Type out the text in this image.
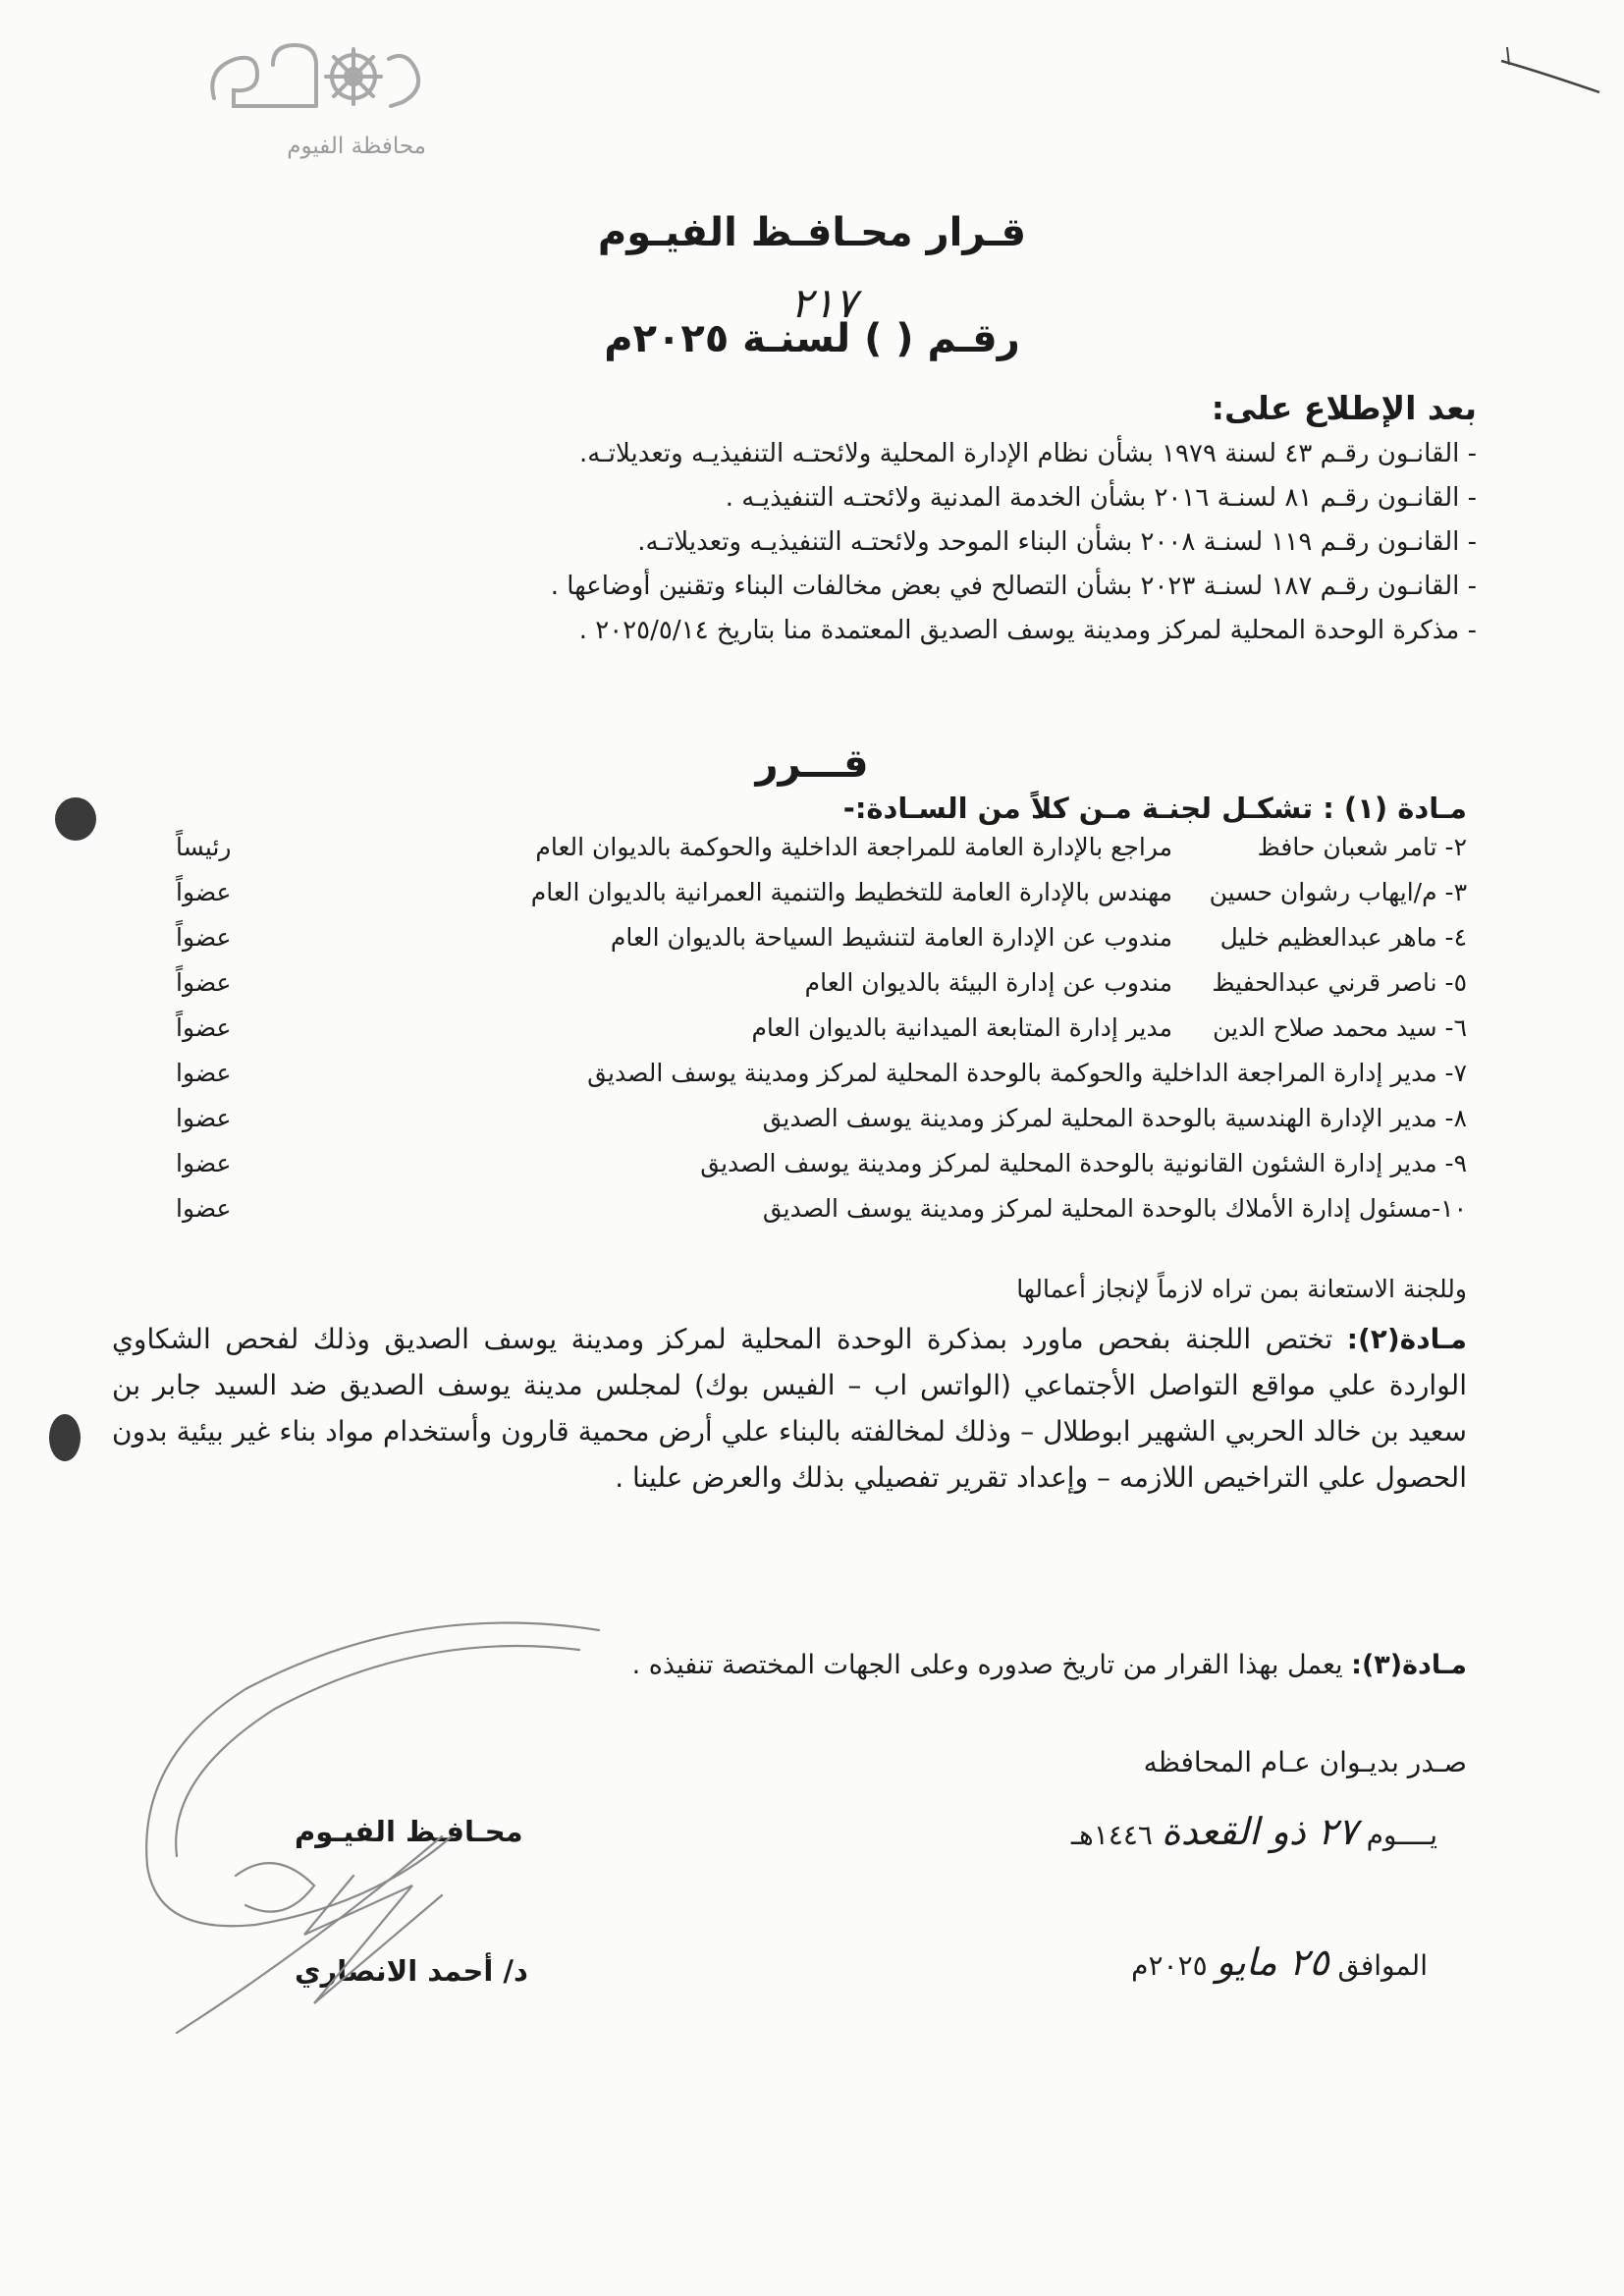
محافظة الفيوم
قـرار محـافـظ الفيـوم
رقـم ( ) لسنـة ٢٠٢٥م
٢١٧
بعد الإطلاع على:
- القانـون رقـم ٤٣ لسنة ١٩٧٩ بشأن نظام الإدارة المحلية ولائحتـه التنفيذيـه وتعديلاتـه.
- القانـون رقـم ٨١ لسنـة ٢٠١٦ بشأن الخدمة المدنية ولائحتـه التنفيذيـه .
- القانـون رقـم ١١٩ لسنـة ٢٠٠٨ بشأن البناء الموحد ولائحتـه التنفيذيـه وتعديلاتـه.
- القانـون رقـم ١٨٧ لسنـة ٢٠٢٣ بشأن التصالح في بعض مخالفات البناء وتقنين أوضاعها .
- مذكرة الوحدة المحلية لمركز ومدينة يوسف الصديق المعتمدة منا بتاريخ ٢٠٢٥/٥/١٤ .
قـــرر
مـادة (١) : تشكـل لجنـة مـن كلاً من السـادة:-
٢- تامر شعبان حافظ
مراجع بالإدارة العامة للمراجعة الداخلية والحوكمة بالديوان العام
رئيساً
٣- م/ايهاب رشوان حسين
مهندس بالإدارة العامة للتخطيط والتنمية العمرانية بالديوان العام
عضواً
٤- ماهر عبدالعظيم خليل
مندوب عن الإدارة العامة لتنشيط السياحة بالديوان العام
عضواً
٥- ناصر قرني عبدالحفيظ
مندوب عن إدارة البيئة بالديوان العام
عضواً
٦- سيد محمد صلاح الدين
مدير إدارة المتابعة الميدانية بالديوان العام
عضواً
٧- مدير إدارة المراجعة الداخلية والحوكمة بالوحدة المحلية لمركز ومدينة يوسف الصديق
عضوا
٨- مدير الإدارة الهندسية بالوحدة المحلية لمركز ومدينة يوسف الصديق
عضوا
٩- مدير إدارة الشئون القانونية بالوحدة المحلية لمركز ومدينة يوسف الصديق
عضوا
١٠-مسئول إدارة الأملاك بالوحدة المحلية لمركز ومدينة يوسف الصديق
عضوا
وللجنة الاستعانة بمن تراه لازماً لإنجاز أعمالها
مـادة(٢): تختص اللجنة بفحص ماورد بمذكرة الوحدة المحلية لمركز ومدينة يوسف الصديق وذلك لفحص الشكاوي الواردة علي مواقع التواصل الأجتماعي (الواتس اب – الفيس بوك) لمجلس مدينة يوسف الصديق ضد السيد جابر بن سعيد بن خالد الحربي الشهير ابوطلال – وذلك لمخالفته بالبناء علي أرض محمية قارون وأستخدام مواد بناء غير بيئية بدون الحصول علي التراخيص اللازمه – وإعداد تقرير تفصيلي بذلك والعرض علينا .
مـادة(٣): يعمل بهذا القرار من تاريخ صدوره وعلى الجهات المختصة تنفيذه .
صـدر بديـوان عـام المحافظه
يــــوم ٢٧ ذو القعدة ١٤٤٦هـ
الموافق ٢٥ مايو ٢٠٢٥م
محـافـظ الفيـوم
د/ أحمد الانصاري
